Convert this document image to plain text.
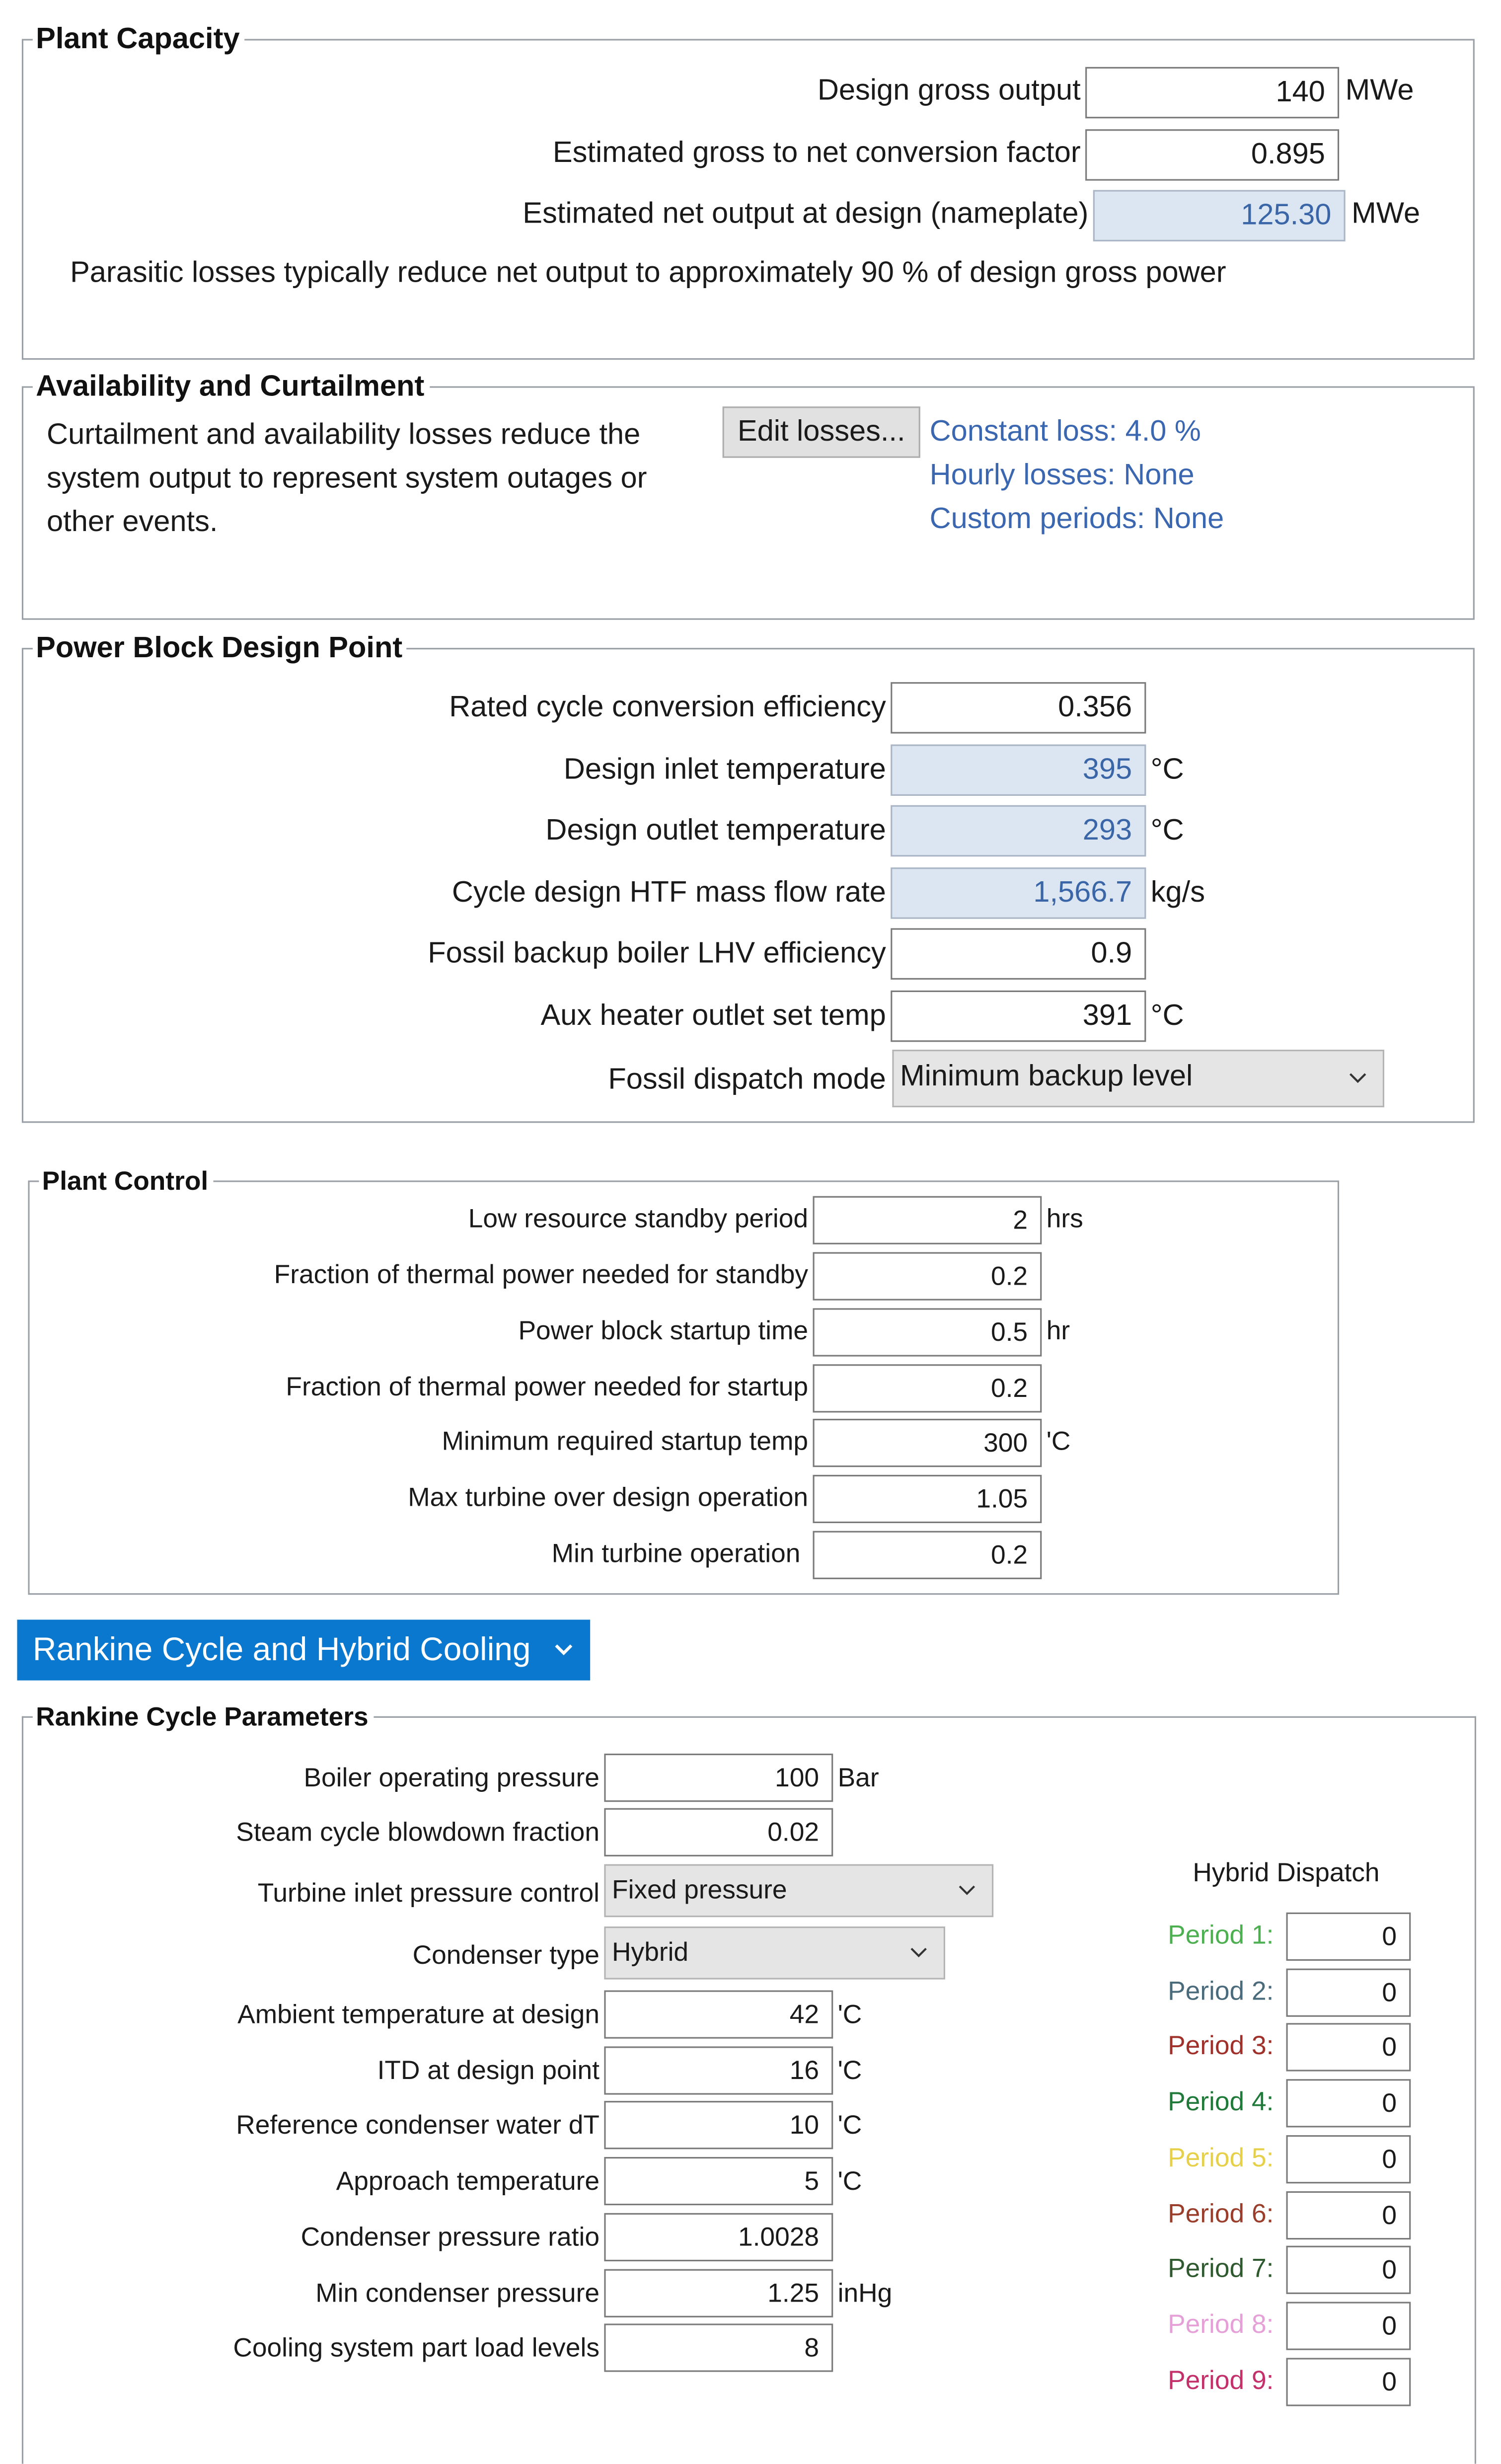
Plant Capacity
Design gross output	140	MWe
Estimated gross to net conversion factor	0.895
Estimated net output at design (nameplate)	125.30	MWe
Parasitic losses typically reduce net output to approximately 90 % of design gross power
Availability and Curtailment
Curtailment and availability losses reduce the system output to represent system outages or other events.
Edit losses...	Constant loss: 4.0 %
Hourly losses: None
Custom periods: None
Power Block Design Point
Rated cycle conversion efficiency	0.356
Design inlet temperature	395	°C
Design outlet temperature	293	°C
Cycle design HTF mass flow rate	1,566.7	kg/s
Fossil backup boiler LHV efficiency	0.9
Aux heater outlet set temp	391	°C
Fossil dispatch mode	Minimum backup level
Plant Control
Low resource standby period	2	hrs
Fraction of thermal power needed for standby	0.2
Power block startup time	0.5	hr
Fraction of thermal power needed for startup	0.2
Minimum required startup temp	300	'C
Max turbine over design operation	1.05
Min turbine operation	0.2
Rankine Cycle and Hybrid Cooling
Rankine Cycle Parameters
Boiler operating pressure	100	Bar
Steam cycle blowdown fraction	0.02
Turbine inlet pressure control	Fixed pressure
Condenser type	Hybrid
Ambient temperature at design	42	'C
ITD at design point	16	'C
Reference condenser water dT	10	'C
Approach temperature	5	'C
Condenser pressure ratio	1.0028
Min condenser pressure	1.25	inHg
Cooling system part load levels	8
Hybrid Dispatch
Period 1:	0
Period 2:	0
Period 3:	0
Period 4:	0
Period 5:	0
Period 6:	0
Period 7:	0
Period 8:	0
Period 9:	0
